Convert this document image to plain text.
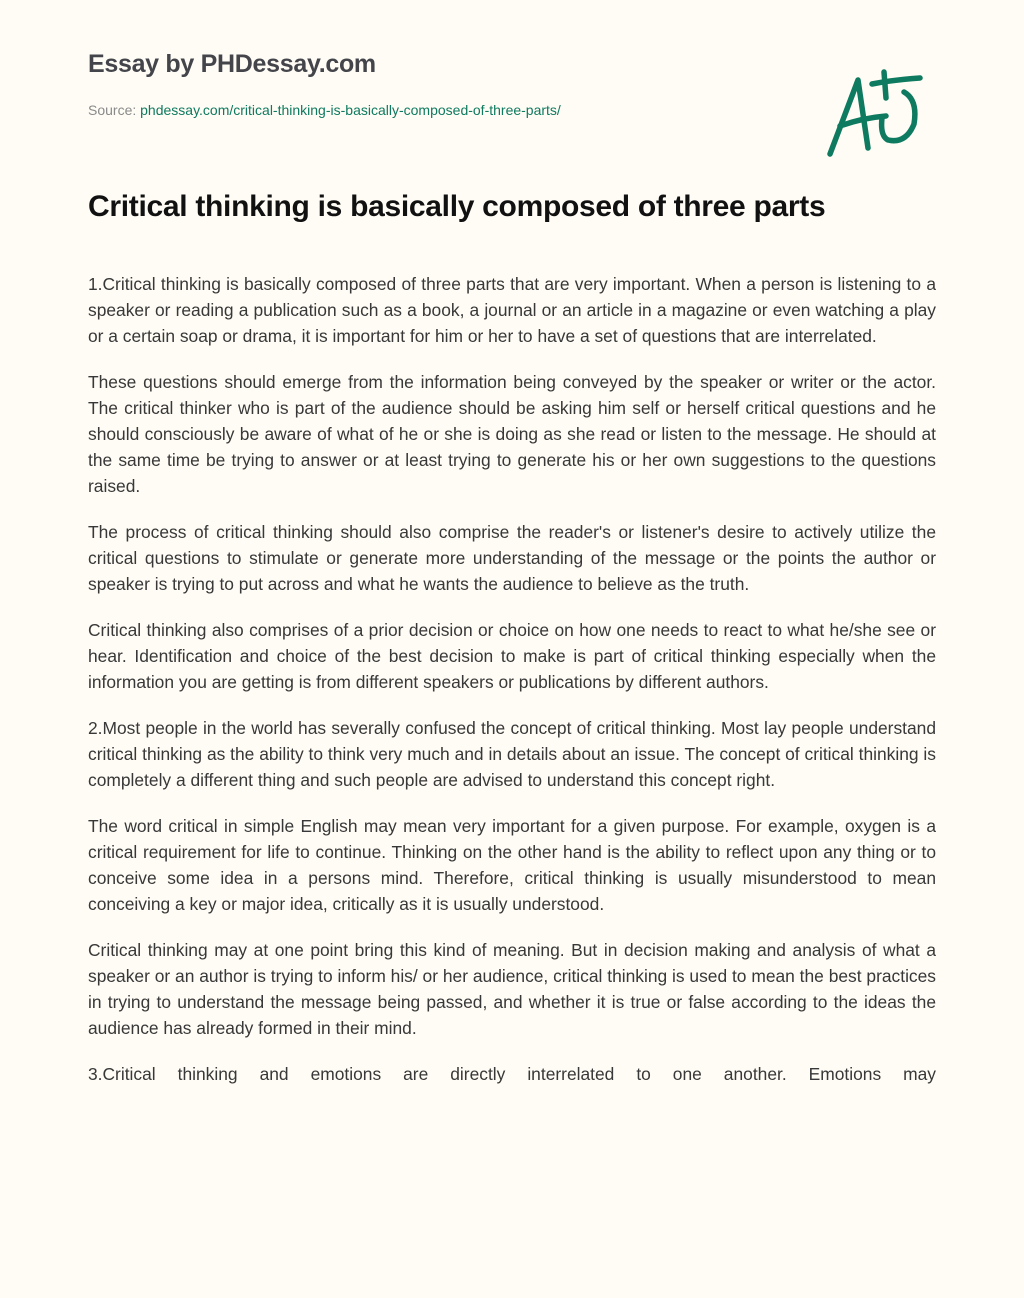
Essay by PHDessay.com
Source: phdessay.com/critical-thinking-is-basically-composed-of-three-parts/
Critical thinking is basically composed of three parts

1.Critical thinking is basically composed of three parts that are very important. When a person is listening to a speaker or reading a publication such as a book, a journal or an article in a magazine or even watching a play or a certain soap or drama, it is important for him or her to have a set of questions that are interrelated.

These questions should emerge from the information being conveyed by the speaker or writer or the actor. The critical thinker who is part of the audience should be asking him self or herself critical questions and he should consciously be aware of what of he or she is doing as she read or listen to the message. He should at the same time be trying to answer or at least trying to generate his or her own suggestions to the questions raised.

The process of critical thinking should also comprise the reader's or listener's desire to actively utilize the critical questions to stimulate or generate more understanding of the message or the points the author or speaker is trying to put across and what he wants the audience to believe as the truth.

Critical thinking also comprises of a prior decision or choice on how one needs to react to what he/she see or hear. Identification and choice of the best decision to make is part of critical thinking especially when the information you are getting is from different speakers or publications by different authors.

2.Most people in the world has severally confused the concept of critical thinking. Most lay people understand critical thinking as the ability to think very much and in details about an issue. The concept of critical thinking is completely a different thing and such people are advised to understand this concept right.

The word critical in simple English may mean very important for a given purpose. For example, oxygen is a critical requirement for life to continue. Thinking on the other hand is the ability to reflect upon any thing or to conceive some idea in a persons mind. Therefore, critical thinking is usually misunderstood to mean conceiving a key or major idea, critically as it is usually understood.

Critical thinking may at one point bring this kind of meaning. But in decision making and analysis of what a speaker or an author is trying to inform his/ or her audience, critical thinking is used to mean the best practices in trying to understand the message being passed, and whether it is true or false according to the ideas the audience has already formed in their mind.

3.Critical thinking and emotions are directly interrelated to one another. Emotions may
